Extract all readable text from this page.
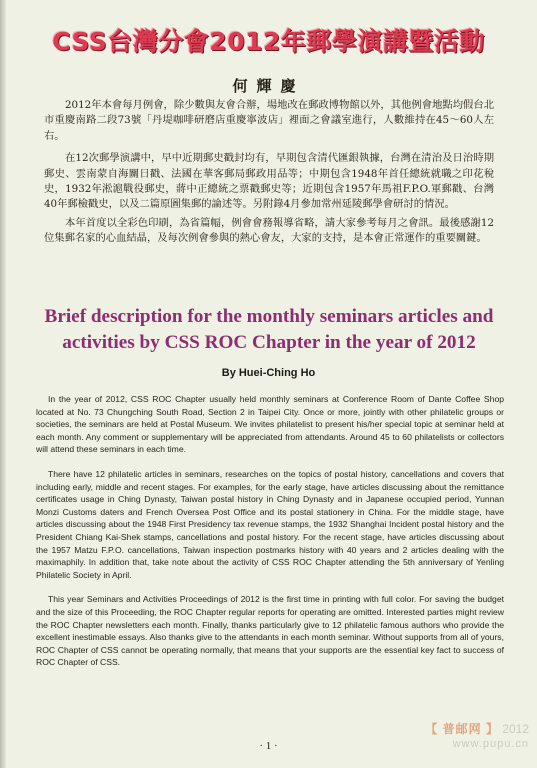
CSS台灣分會2012年郵學演講暨活動
何輝慶

2012年本會每月例會，除少數與友會合辦，場地改在郵政博物館以外，其他例會地點均假台北市重慶南路二段73號「丹堤咖啡研磨店重慶寧波店」裡面之會議室進行，人數維持在45～60人左右。

在12次郵學演講中，早中近期郵史戳封均有，早期包含清代匯銀執據，台灣在清治及日治時期郵史、雲南蒙自海關日戳、法國在華客郵局郵政用品等；中期包含1948年首任總統就職之印花稅史，1932年淞滬戰役郵史，蔣中正總統之票戳郵史等；近期包含1957年馬祖F.P.O.軍郵戳、台灣40年郵檢戳史，以及二篇原圖集郵的論述等。另附錄4月參加常州延陵郵學會研討的情況。

本年首度以全彩色印刷，為省篇幅，例會會務報導省略，請大家參考每月之會訊。最後感謝12位集郵名家的心血結晶，及每次例會參與的熱心會友，大家的支持，是本會正常運作的重要關鍵。

Brief description for the monthly seminars articles and activities by CSS ROC Chapter in the year of 2012
By Huei-Ching Ho

In the year of 2012, CSS ROC Chapter usually held monthly seminars at Conference Room of Dante Coffee Shop located at No. 73 Chungching South Road, Section 2 in Taipei City. Once or more, jointly with other philatelic groups or societies, the seminars are held at Postal Museum. We invites philatelist to present his/her special topic at seminar held at each month. Any comment or supplementary will be appreciated from attendants. Around 45 to 60 philatelists or collectors will attend these seminars in each time.

There have 12 philatelic articles in seminars, researches on the topics of postal history, cancellations and covers that including early, middle and recent stages. For examples, for the early stage, have articles discussing about the remittance certificates usage in Ching Dynasty, Taiwan postal history in Ching Dynasty and in Japanese occupied period, Yunnan Monzi Customs daters and French Oversea Post Office and its postal stationery in China. For the middle stage, have articles discussing about the 1948 First Presidency tax revenue stamps, the 1932 Shanghai Incident postal history and the President Chiang Kai-Shek stamps, cancellations and postal history. For the recent stage, have articles discussing about the 1957 Matzu F.P.O. cancellations, Taiwan inspection postmarks history with 40 years and 2 articles dealing with the maximaphily. In addition that, take note about the activity of CSS ROC Chapter attending the 5th anniversary of Yenling Philatelic Society in April.

This year Seminars and Activities Proceedings of 2012 is the first time in printing with full color. For saving the budget and the size of this Proceeding, the ROC Chapter regular reports for operating are omitted. Interested parties might review the ROC Chapter newsletters each month. Finally, thanks particularly give to 12 philatelic famous authors who provide the excellent inestimable essays. Also thanks give to the attendants in each month seminar. Without supports from all of yours, ROC Chapter of CSS cannot be operating normally, that means that your supports are the essential key fact to success of ROC Chapter of CSS.

· 1 ·
【 普邮网 】 2012
www.pupu.cn
